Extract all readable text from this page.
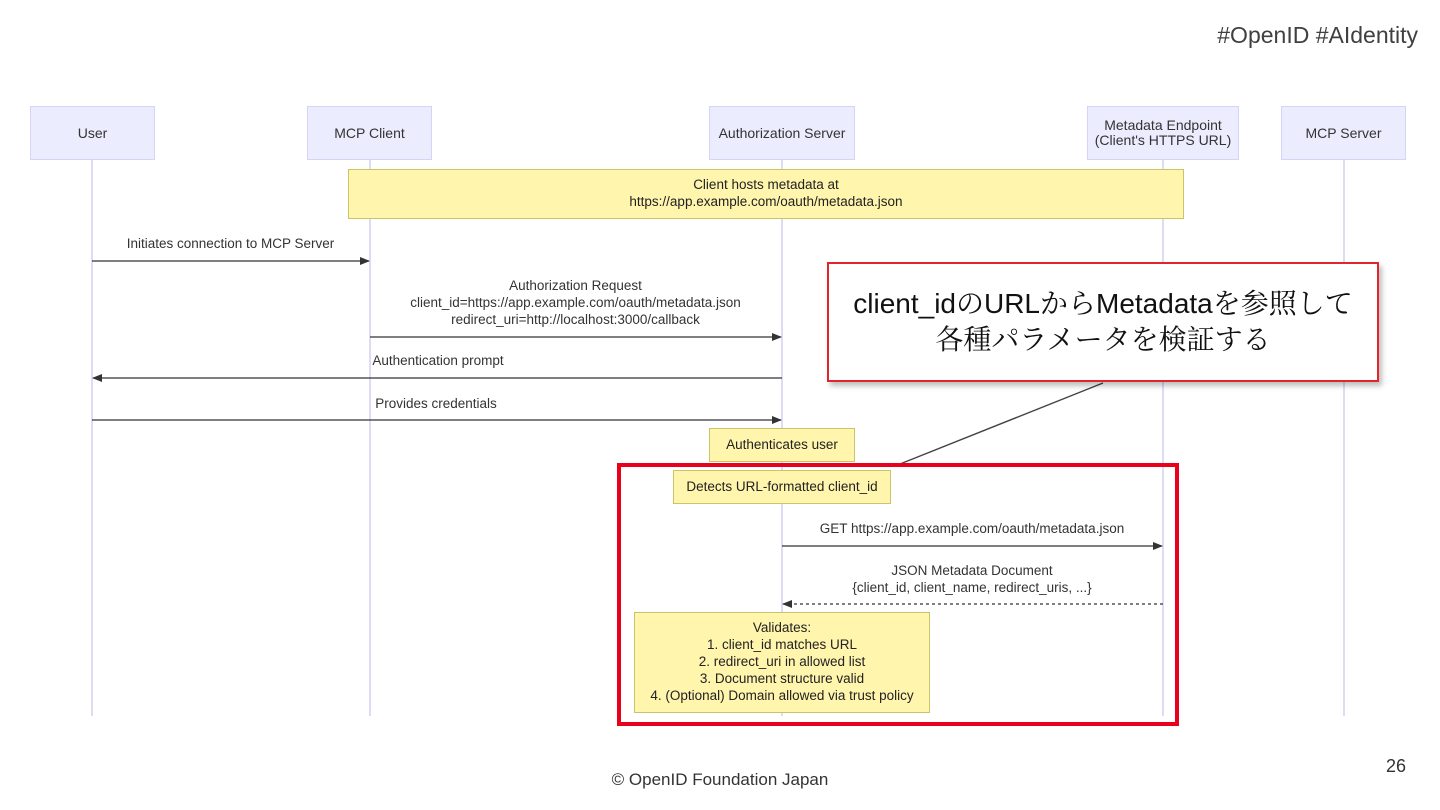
#OpenID #AIdentity
User	MCP Client	Authorization Server	Metadata Endpoint
(Client's HTTPS URL)	MCP Server
Client hosts metadata at
https://app.example.com/oauth/metadata.json
Authenticates user
Detects URL-formatted client_id
Validates:
1. client_id matches URL
2. redirect_uri in allowed list
3. Document structure valid
4. (Optional) Domain allowed via trust policy
Initiates connection to MCP Server
Authorization Request
client_id=https://app.example.com/oauth/metadata.json
redirect_uri=http://localhost:3000/callback
Authentication prompt
Provides credentials
GET https://app.example.com/oauth/metadata.json
JSON Metadata Document
{client_id, client_name, redirect_uris, ...}
client_idのURLからMetadataを参照して
各種パラメータを検証する
© OpenID Foundation Japan
26
